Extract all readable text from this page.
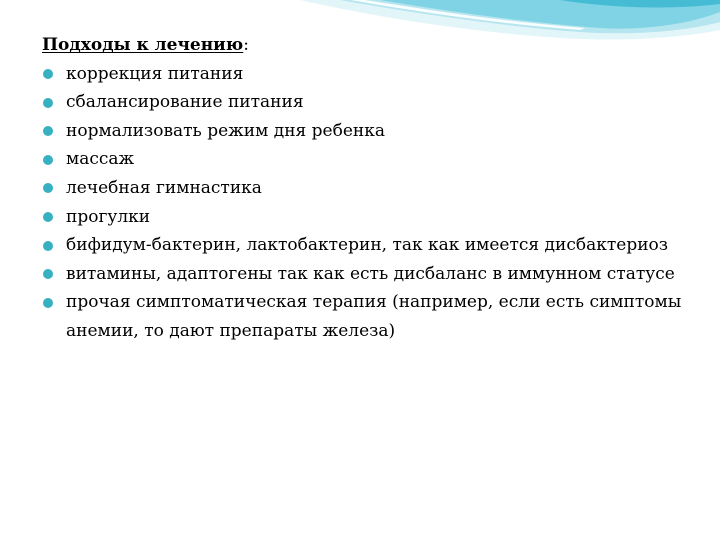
Подходы к лечению:

коррекция питания
сбалансирование питания
нормализовать режим дня ребенка
массаж
лечебная гимнастика
прогулки
бифидум-бактерин, лактобактерин, так как имеется дисбактериоз
витамины, адаптогены так как есть дисбаланс в иммунном статусе
прочая симптоматическая терапия (например, если есть симптомы анемии, то дают препараты железа)
